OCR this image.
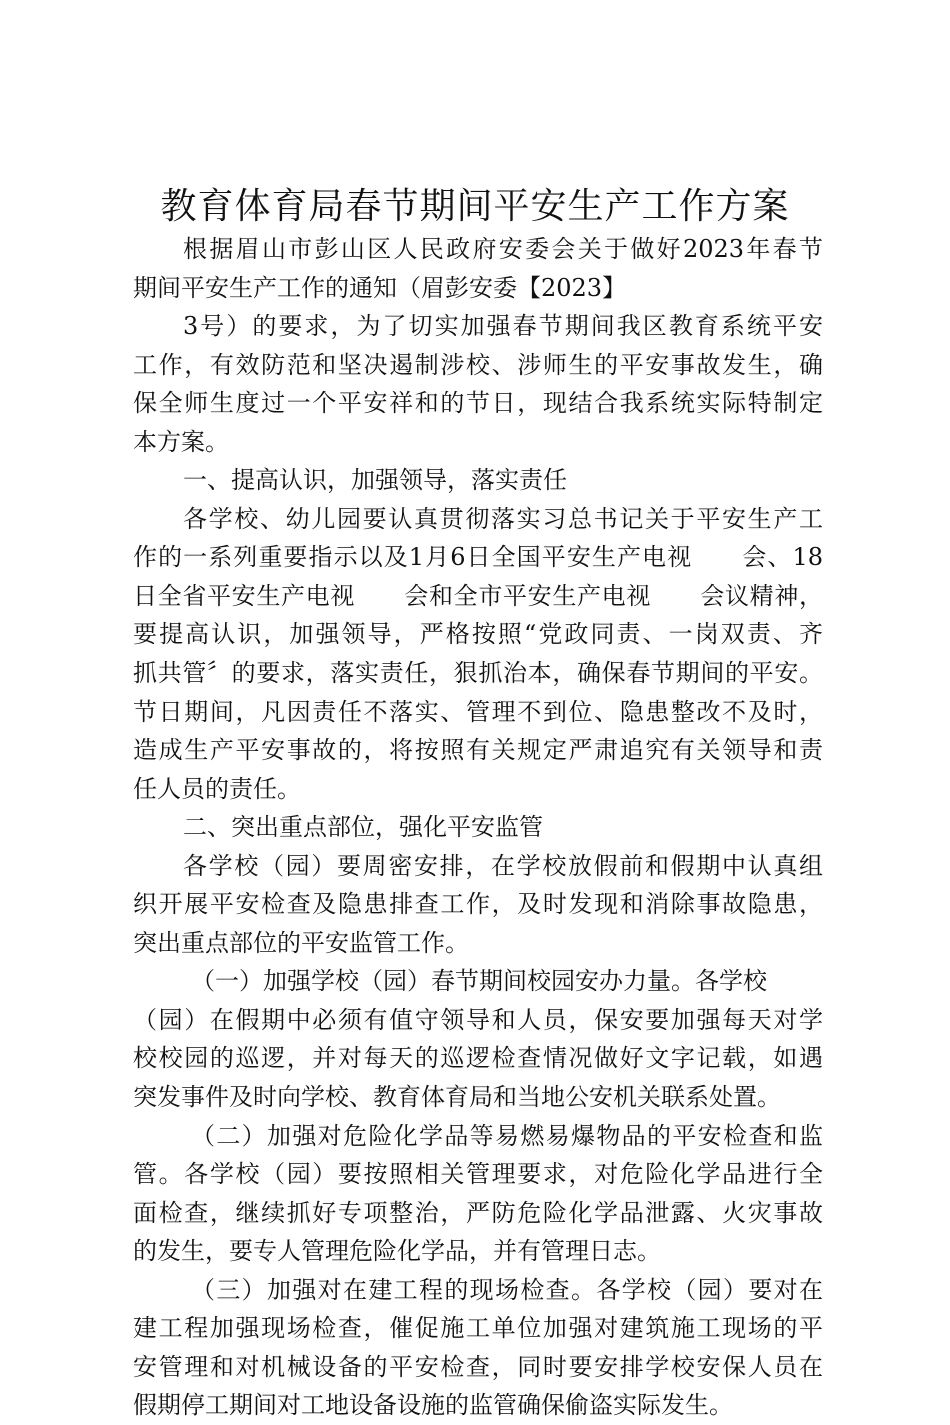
教育体育局春节期间平安生产工作方案
根据眉山市彭山区人民政府安委会关于做好2023年春节
期间平安生产工作的通知（眉彭安委【2023】
3号）的要求，为了切实加强春节期间我区教育系统平安
工作，有效防范和坚决遏制涉校、涉师生的平安事故发生，确
保全师生度过一个平安祥和的节日，现结合我系统实际特制定
本方案。
一、提高认识，加强领导，落实责任
各学校、幼儿园要认真贯彻落实习总书记关于平安生产工
作的一系列重要指示以及1月6日全国平安生产电视　　会、18
日全省平安生产电视　　会和全市平安生产电视　　会议精神，
要提高认识，加强领导，严格按照“党政同责、一岗双责、齐
抓共管〞的要求，落实责任，狠抓治本，确保春节期间的平安。
节日期间，凡因责任不落实、管理不到位、隐患整改不及时，
造成生产平安事故的，将按照有关规定严肃追究有关领导和责
任人员的责任。
二、突出重点部位，强化平安监管
各学校（园）要周密安排，在学校放假前和假期中认真组
织开展平安检查及隐患排查工作，及时发现和消除事故隐患，
突出重点部位的平安监管工作。
（一）加强学校（园）春节期间校园安办力量。各学校
（园）在假期中必须有值守领导和人员，保安要加强每天对学
校校园的巡逻，并对每天的巡逻检查情况做好文字记载，如遇
突发事件及时向学校、教育体育局和当地公安机关联系处置。
（二）加强对危险化学品等易燃易爆物品的平安检查和监
管。各学校（园）要按照相关管理要求，对危险化学品进行全
面检查，继续抓好专项整治，严防危险化学品泄露、火灾事故
的发生，要专人管理危险化学品，并有管理日志。
（三）加强对在建工程的现场检查。各学校（园）要对在
建工程加强现场检查，催促施工单位加强对建筑施工现场的平
安管理和对机械设备的平安检查，同时要安排学校安保人员在
假期停工期间对工地设备设施的监管确保偷盗实际发生。
